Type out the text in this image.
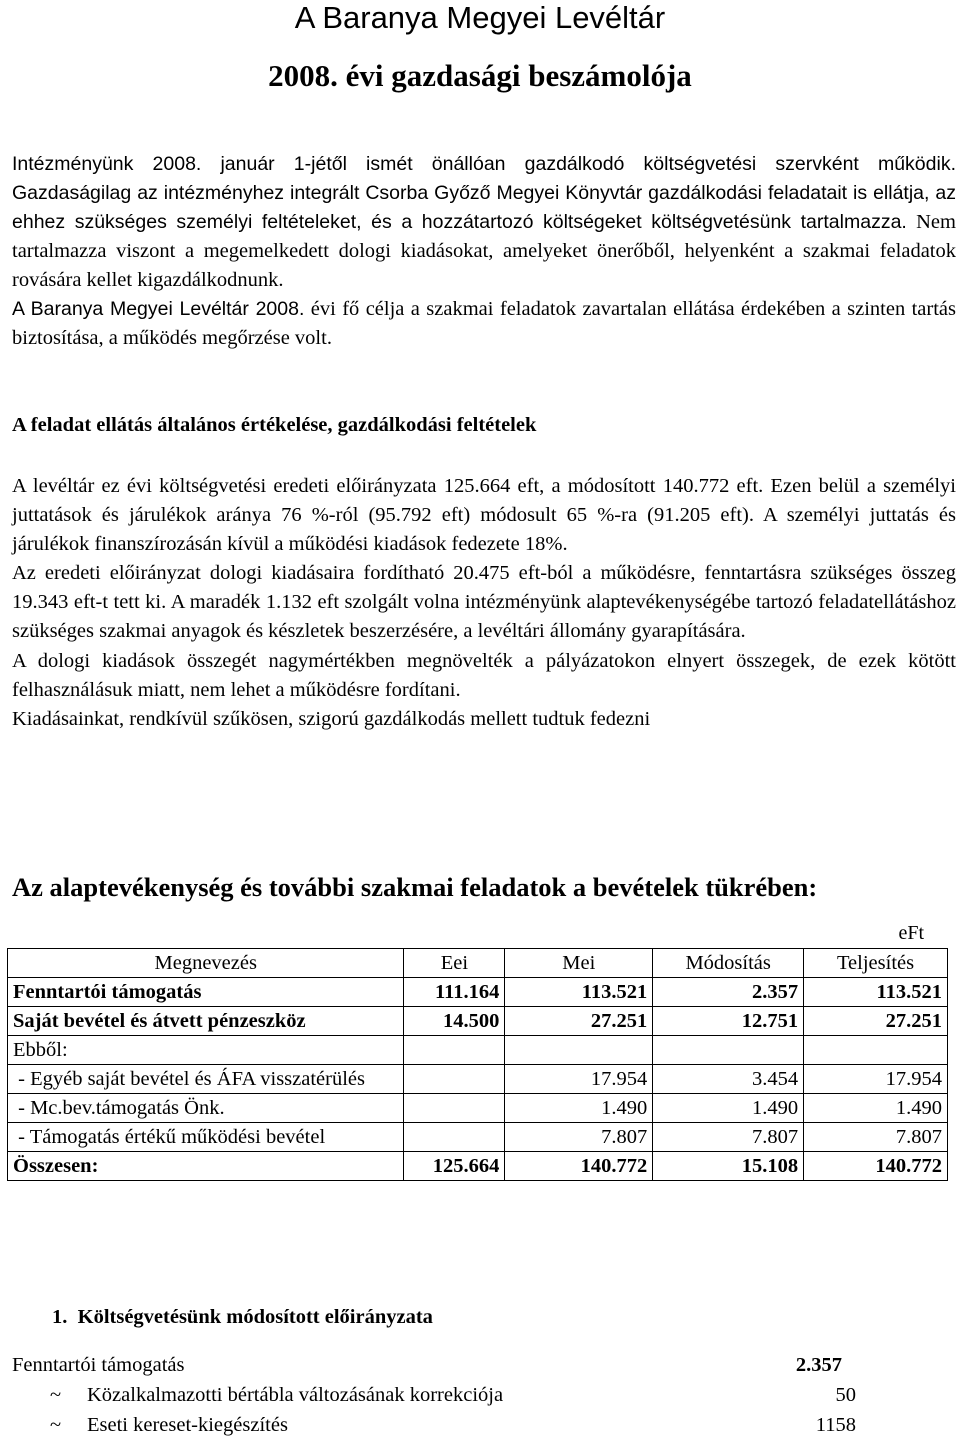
A Baranya Megyei Levéltár
2008. évi gazdasági beszámolója

Intézményünk 2008. január 1-jétől ismét önállóan gazdálkodó költségvetési szervként működik. Gazdaságilag az intézményhez integrált Csorba Győző Megyei Könyvtár gazdálkodási feladatait is ellátja, az ehhez szükséges személyi feltételeket, és a hozzátartozó költségeket költségvetésünk tartalmazza. Nem tartalmazza viszont a megemelkedett dologi kiadásokat, amelyeket önerőből, helyenként a szakmai feladatok rovására kellet kigazdálkodnunk.

A Baranya Megyei Levéltár 2008. évi fő célja a szakmai feladatok zavartalan ellátása érdekében a szinten tartás biztosítása, a működés megőrzése volt.

A feladat ellátás általános értékelése, gazdálkodási feltételek

A levéltár ez évi költségvetési eredeti előirányzata 125.664 eft, a módosított 140.772 eft. Ezen belül a személyi juttatások és járulékok aránya 76 %-ról (95.792 eft) módosult 65 %-ra (91.205 eft). A személyi juttatás és járulékok finanszírozásán kívül a működési kiadások fedezete 18%.

Az eredeti előirányzat dologi kiadásaira fordítható 20.475 eft-ból a működésre, fenntartásra szükséges összeg 19.343 eft-t tett ki. A maradék 1.132 eft szolgált volna intézményünk alaptevékenységébe tartozó feladatellátáshoz szükséges szakmai anyagok és készletek beszerzésére, a levéltári állomány gyarapítására.

A dologi kiadások összegét nagymértékben megnövelték a pályázatokon elnyert összegek, de ezek kötött felhasználásuk miatt, nem lehet a működésre fordítani.

Kiadásainkat, rendkívül szűkösen, szigorú gazdálkodás mellett tudtuk fedezni

Az alaptevékenység és további szakmai feladatok a bevételek tükrében:
eFt
Megnevezés	Eei	Mei	Módosítás	Teljesítés
Fenntartói támogatás	111.164	113.521	2.357	113.521
Saját bevétel és átvett pénzeszköz	14.500	27.251	12.751	27.251
Ebből:				
- Egyéb saját bevétel és ÁFA visszatérülés		17.954	3.454	17.954
- Mc.bev.támogatás Önk.		1.490	1.490	1.490
- Támogatás értékű működési bevétel		7.807	7.807	7.807
Összesen:	125.664	140.772	15.108	140.772
1. Költségvetésünk módosított előirányzata
Fenntartói támogatás	2.357
~ Közalkalmazotti bértábla változásának korrekciója	50
~ Eseti kereset-kiegészítés	1158
